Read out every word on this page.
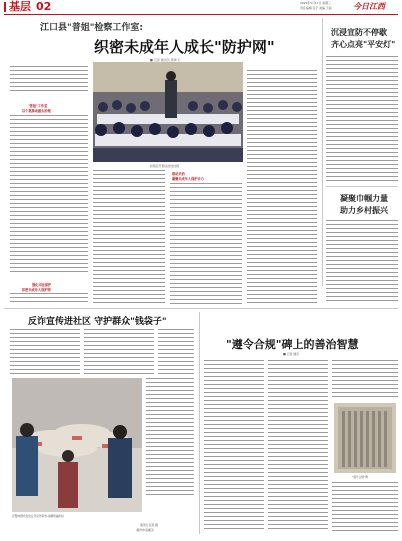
基层 02	2023年5月17日 星期三
责任编辑 张宇 美编 王丽	今日江西
江口县"普姐"检察工作室:
织密未成年人成长"防护网"
■ 记者 通讯员 曾建飞
"普姐"工作室
以个案推动源头治理
强化司法保护
织密未成年人保护网
检察官开展法治进校园
联动共治
凝聚未成年人保护合力
沉浸宣防不停歇
齐心点亮"平安灯"
凝聚巾帼力量
助力乡村振兴
反诈宣传进社区 守护群众"钱袋子"
民警向群众发放反诈宣传资料,讲解防骗知识
通讯员 张燕 摄
(赣州市南康区)
"遵令合规"碑上的善治智慧
■ 记者 通讯
"遵令合规"碑
